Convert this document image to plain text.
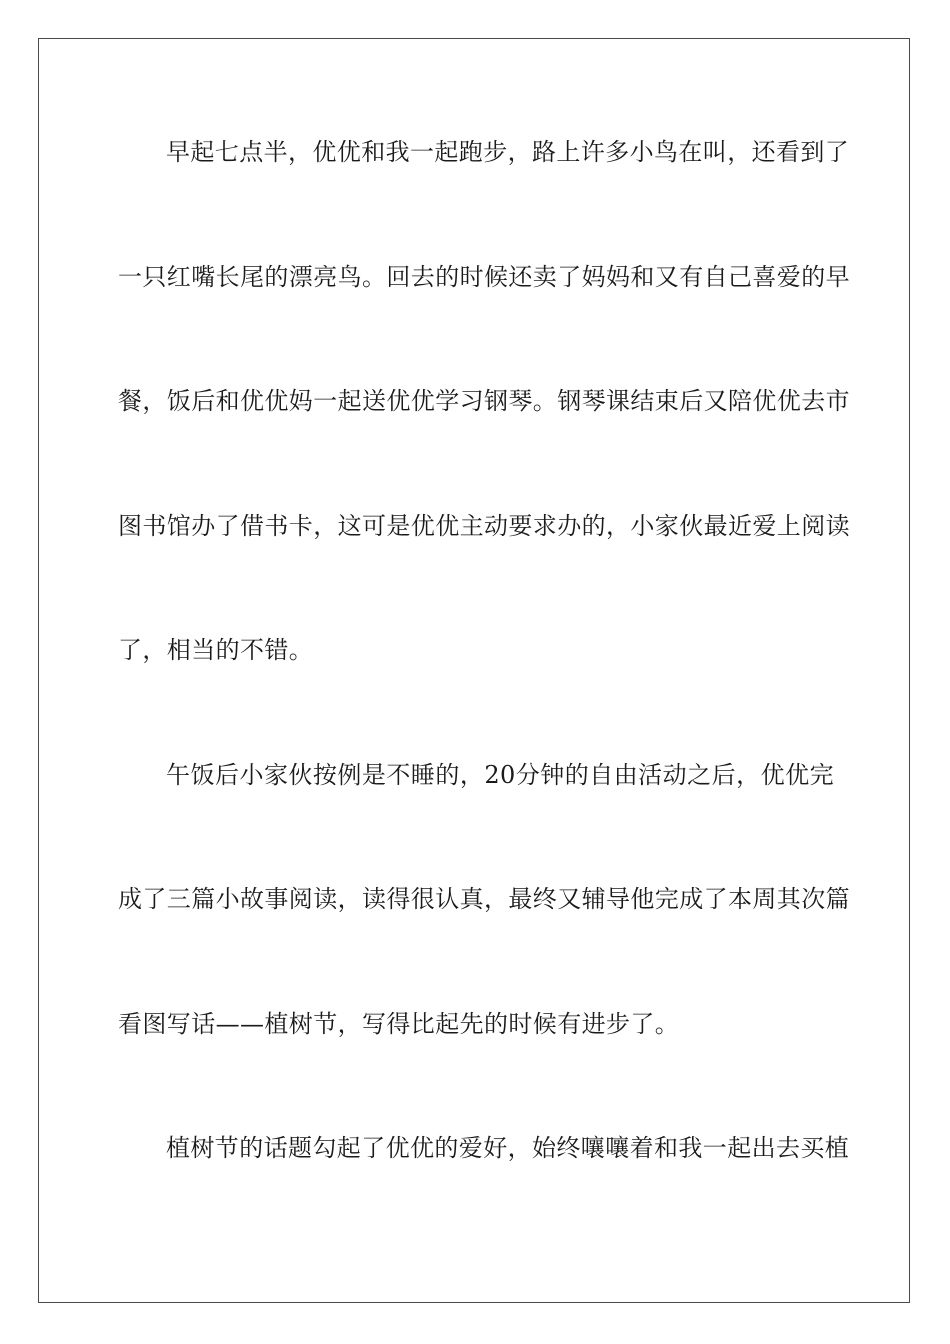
早起七点半，优优和我一起跑步，路上许多小鸟在叫，还看到了

一只红嘴长尾的漂亮鸟。回去的时候还卖了妈妈和又有自己喜爱的早

餐，饭后和优优妈一起送优优学习钢琴。钢琴课结束后又陪优优去市

图书馆办了借书卡，这可是优优主动要求办的，小家伙最近爱上阅读

了，相当的不错。

午饭后小家伙按例是不睡的，20分钟的自由活动之后，优优完

成了三篇小故事阅读，读得很认真，最终又辅导他完成了本周其次篇

看图写话——植树节，写得比起先的时候有进步了。

植树节的话题勾起了优优的爱好，始终嚷嚷着和我一起出去买植
